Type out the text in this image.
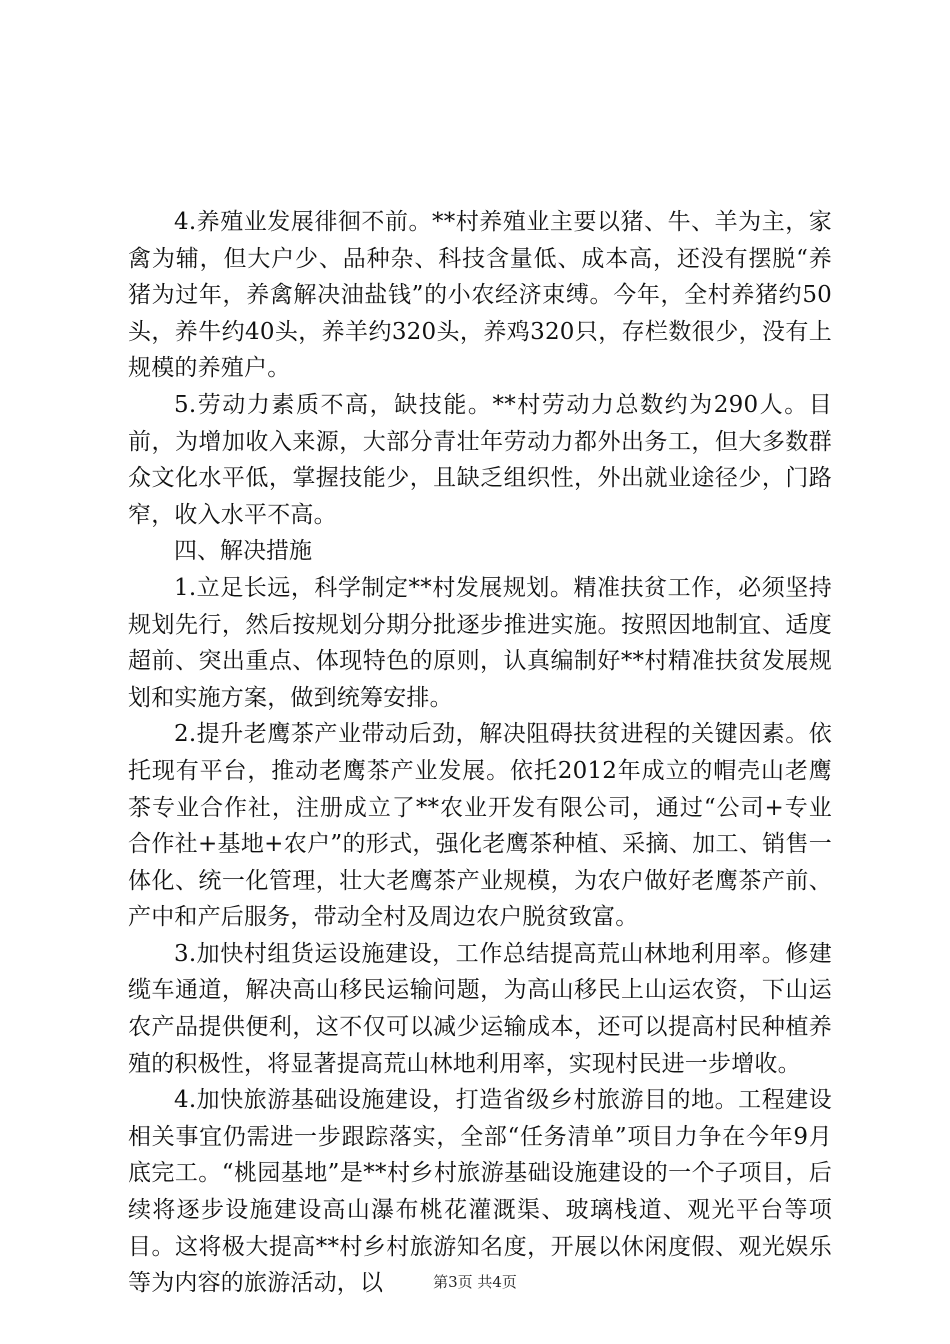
4.养殖业发展徘徊不前。**村养殖业主要以猪、牛、羊为主，家禽为辅，但大户少、品种杂、科技含量低、成本高，还没有摆脱“养猪为过年，养禽解决油盐钱”的小农经济束缚。今年，全村养猪约50头，养牛约40头，养羊约320头，养鸡320只，存栏数很少，没有上规模的养殖户。

5.劳动力素质不高，缺技能。**村劳动力总数约为290人。目前，为增加收入来源，大部分青壮年劳动力都外出务工，但大多数群众文化水平低，掌握技能少，且缺乏组织性，外出就业途径少，门路窄，收入水平不高。

四、解决措施

1.立足长远，科学制定**村发展规划。精准扶贫工作，必须坚持规划先行，然后按规划分期分批逐步推进实施。按照因地制宜、适度超前、突出重点、体现特色的原则，认真编制好**村精准扶贫发展规划和实施方案，做到统筹安排。

2.提升老鹰茶产业带动后劲，解决阻碍扶贫进程的关键因素。依托现有平台，推动老鹰茶产业发展。依托2012年成立的帽壳山老鹰茶专业合作社，注册成立了**农业开发有限公司，通过“公司+专业合作社+基地+农户”的形式，强化老鹰茶种植、采摘、加工、销售一体化、统一化管理，壮大老鹰茶产业规模，为农户做好老鹰茶产前、产中和产后服务，带动全村及周边农户脱贫致富。

3.加快村组货运设施建设，工作总结提高荒山林地利用率。修建缆车通道，解决高山移民运输问题，为高山移民上山运农资，下山运农产品提供便利，这不仅可以减少运输成本，还可以提高村民种植养殖的积极性，将显著提高荒山林地利用率，实现村民进一步增收。

4.加快旅游基础设施建设，打造省级乡村旅游目的地。工程建设相关事宜仍需进一步跟踪落实，全部“任务清单”项目力争在今年9月底完工。“桃园基地”是**村乡村旅游基础设施建设的一个子项目，后续将逐步设施建设高山瀑布桃花灌溉渠、玻璃栈道、观光平台等项目。这将极大提高**村乡村旅游知名度，开展以休闲度假、观光娱乐等为内容的旅游活动，以	第3页 共4页
